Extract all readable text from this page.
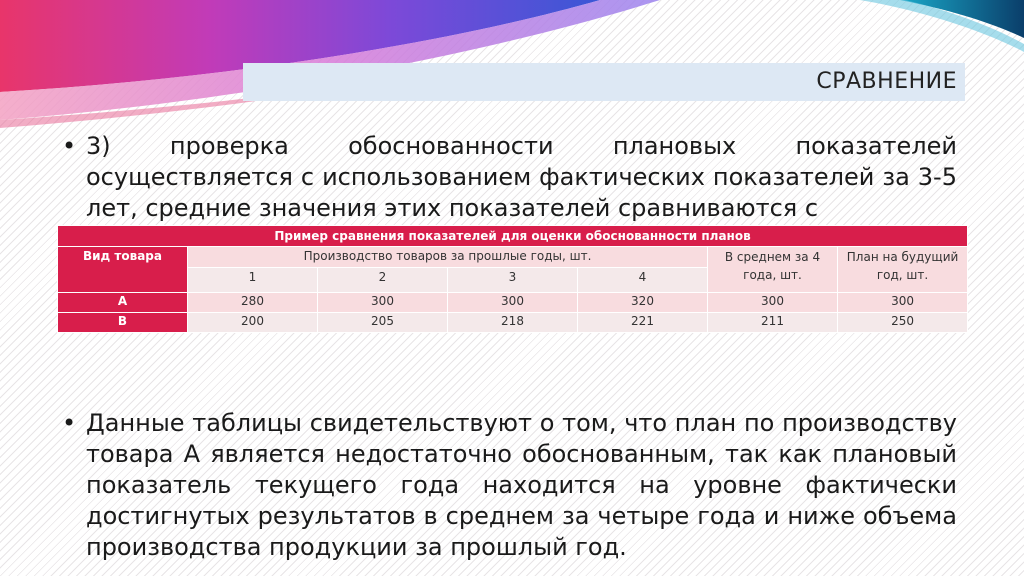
СРАВНЕНИЕ
• 3) проверка обоснованности плановых показателей осуществляется с использованием фактических показателей за 3-5 лет, средние значения этих показателей сравниваются с
Пример сравнения показателей для оценки обоснованности планов						
Вид товара	Производство товаров за прошлые годы, шт.				В среднем за 4 года, шт.	План на будущий год, шт.
	1	2	3	4		
А	280	300	300	320	300	300
В	200	205	218	221	211	250
• Данные таблицы свидетельствуют о том, что план по производству товара А является недостаточно обоснованным, так как плановый показатель текущего года находится на уровне фактически достигнутых результатов в среднем за четыре года и ниже объема производства продукции за прошлый год.
